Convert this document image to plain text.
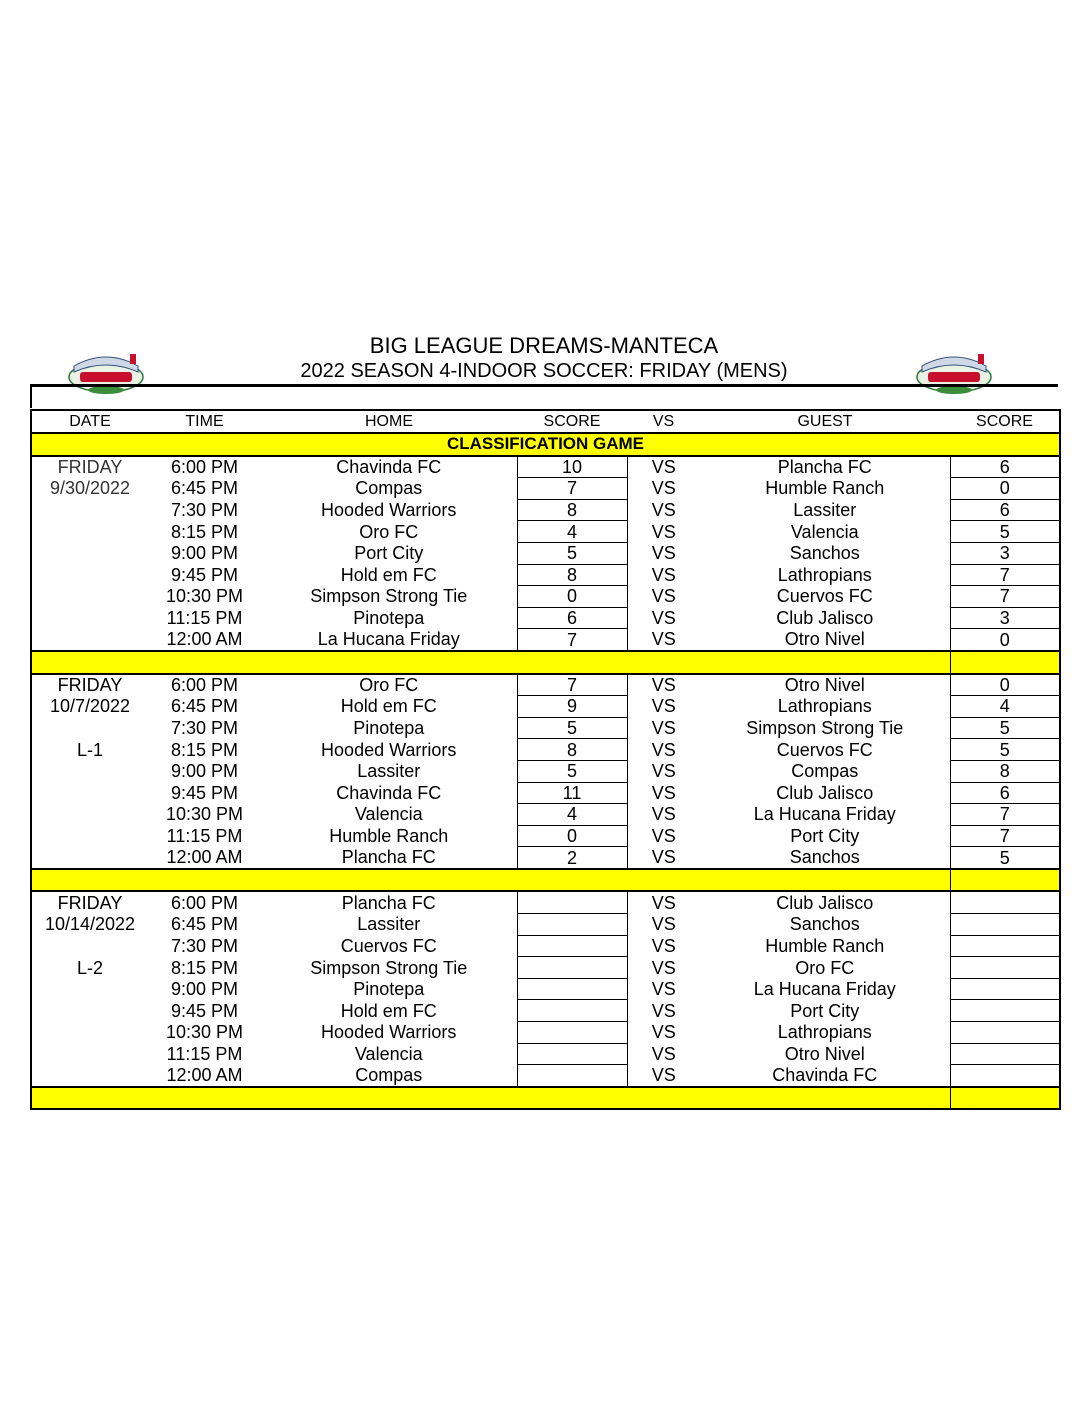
BIG LEAGUE DREAMS-MANTECA
2022 SEASON 4-INDOOR SOCCER: FRIDAY (MENS)
DATE	TIME	HOME	SCORE	VS	GUEST	SCORE
CLASSIFICATION GAME						
FRIDAY	6:00 PM	Chavinda FC	10	VS	Plancha FC	6
9/30/2022	6:45 PM	Compas	7	VS	Humble Ranch	0
	7:30 PM	Hooded Warriors	8	VS	Lassiter	6
	8:15 PM	Oro FC	4	VS	Valencia	5
	9:00 PM	Port City	5	VS	Sanchos	3
	9:45 PM	Hold em FC	8	VS	Lathropians	7
	10:30 PM	Simpson Strong Tie	0	VS	Cuervos FC	7
	11:15 PM	Pinotepa	6	VS	Club Jalisco	3
	12:00 AM	La Hucana Friday	7	VS	Otro Nivel	0

FRIDAY	6:00 PM	Oro FC	7	VS	Otro Nivel	0
10/7/2022	6:45 PM	Hold em FC	9	VS	Lathropians	4
	7:30 PM	Pinotepa	5	VS	Simpson Strong Tie	5
L-1	8:15 PM	Hooded Warriors	8	VS	Cuervos FC	5
	9:00 PM	Lassiter	5	VS	Compas	8
	9:45 PM	Chavinda FC	11	VS	Club Jalisco	6
	10:30 PM	Valencia	4	VS	La Hucana Friday	7
	11:15 PM	Humble Ranch	0	VS	Port City	7
	12:00 AM	Plancha FC	2	VS	Sanchos	5

FRIDAY	6:00 PM	Plancha FC		VS	Club Jalisco	
10/14/2022	6:45 PM	Lassiter		VS	Sanchos	
	7:30 PM	Cuervos FC		VS	Humble Ranch	
L-2	8:15 PM	Simpson Strong Tie		VS	Oro FC	
	9:00 PM	Pinotepa		VS	La Hucana Friday	
	9:45 PM	Hold em FC		VS	Port City	
	10:30 PM	Hooded Warriors		VS	Lathropians	
	11:15 PM	Valencia		VS	Otro Nivel	
	12:00 AM	Compas		VS	Chavinda FC	
